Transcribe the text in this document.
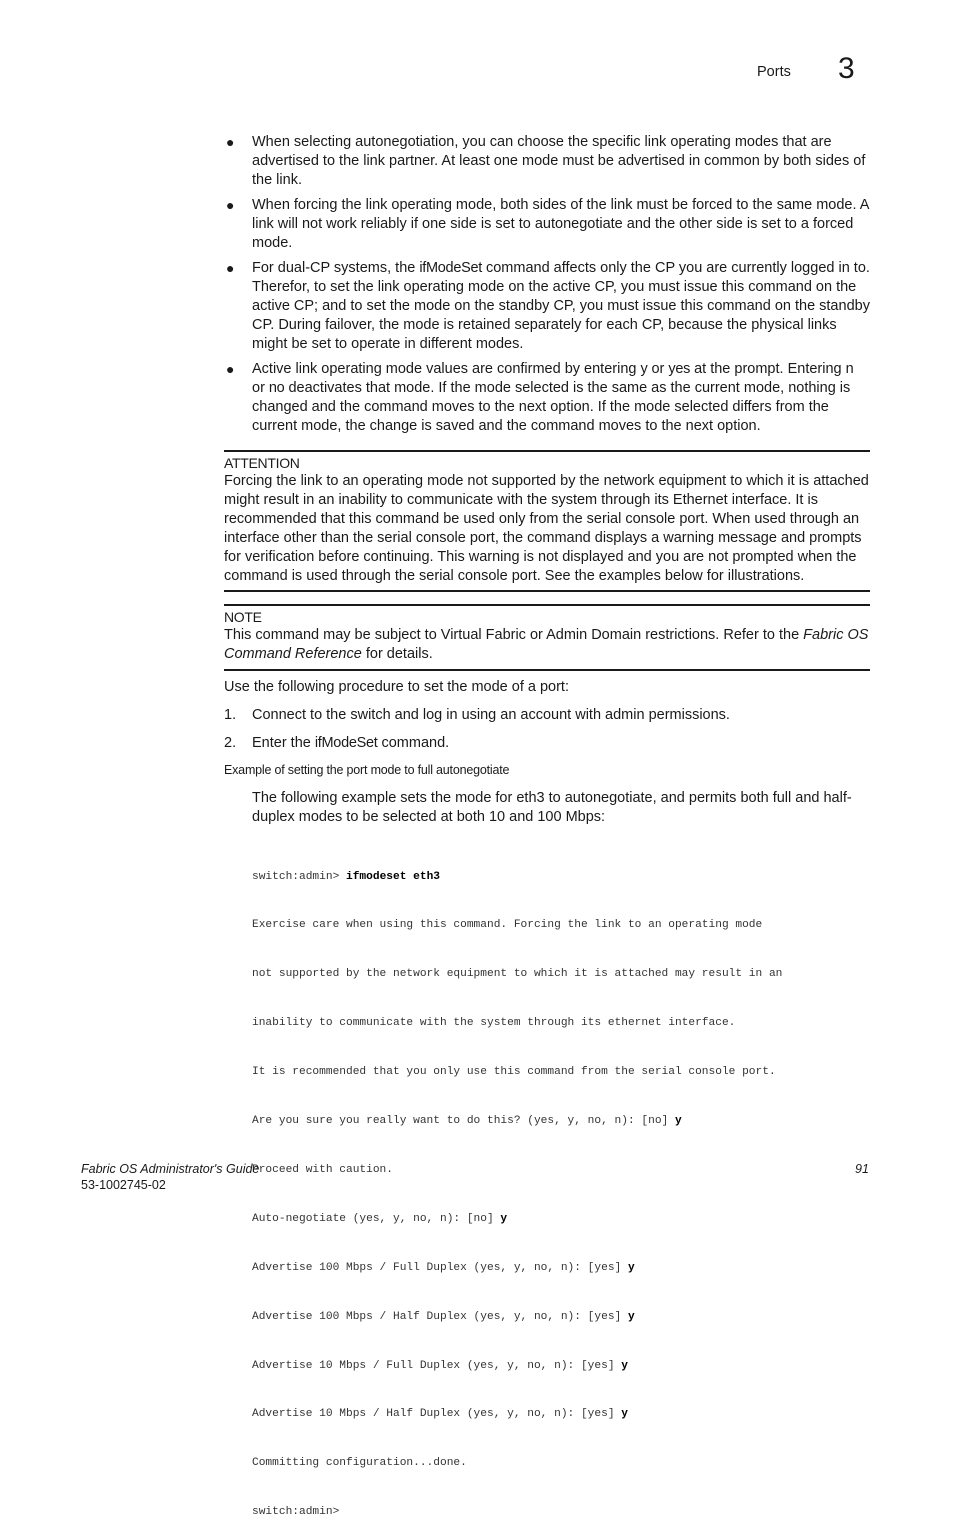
Ports 3
● When selecting autonegotiation, you can choose the specific link operating modes that are advertised to the link partner. At least one mode must be advertised in common by both sides of the link.
● When forcing the link operating mode, both sides of the link must be forced to the same mode. A link will not work reliably if one side is set to autonegotiate and the other side is set to a forced mode.
● For dual-CP systems, the ifModeSet command affects only the CP you are currently logged in to. Therefor, to set the link operating mode on the active CP, you must issue this command on the active CP; and to set the mode on the standby CP, you must issue this command on the standby CP. During failover, the mode is retained separately for each CP, because the physical links might be set to operate in different modes.
● Active link operating mode values are confirmed by entering y or yes at the prompt. Entering n or no deactivates that mode. If the mode selected is the same as the current mode, nothing is changed and the command moves to the next option. If the mode selected differs from the current mode, the change is saved and the command moves to the next option.
ATTENTION

Forcing the link to an operating mode not supported by the network equipment to which it is attached might result in an inability to communicate with the system through its Ethernet interface. It is recommended that this command be used only from the serial console port. When used through an interface other than the serial console port, the command displays a warning message and prompts for verification before continuing. This warning is not displayed and you are not prompted when the command is used through the serial console port. See the examples below for illustrations.

NOTE

This command may be subject to Virtual Fabric or Admin Domain restrictions. Refer to the Fabric OS Command Reference for details.

Use the following procedure to set the mode of a port:

1. Connect to the switch and log in using an account with admin permissions.
2. Enter the ifModeSet command.
Example of setting the port mode to full autonegotiate

The following example sets the mode for eth3 to autonegotiate, and permits both full and half-duplex modes to be selected at both 10 and 100 Mbps:

switch:admin> ifmodeset eth3

Exercise care when using this command. Forcing the link to an operating mode

not supported by the network equipment to which it is attached may result in an

inability to communicate with the system through its ethernet interface.

It is recommended that you only use this command from the serial console port.

Are you sure you really want to do this? (yes, y, no, n): [no] y

Proceed with caution.

Auto-negotiate (yes, y, no, n): [no] y

Advertise 100 Mbps / Full Duplex (yes, y, no, n): [yes] y

Advertise 100 Mbps / Half Duplex (yes, y, no, n): [yes] y

Advertise 10 Mbps / Full Duplex (yes, y, no, n): [yes] y

Advertise 10 Mbps / Half Duplex (yes, y, no, n): [yes] y

Committing configuration...done.

switch:admin>

Fabric OS Administrator's Guide
53-1002745-02
91
